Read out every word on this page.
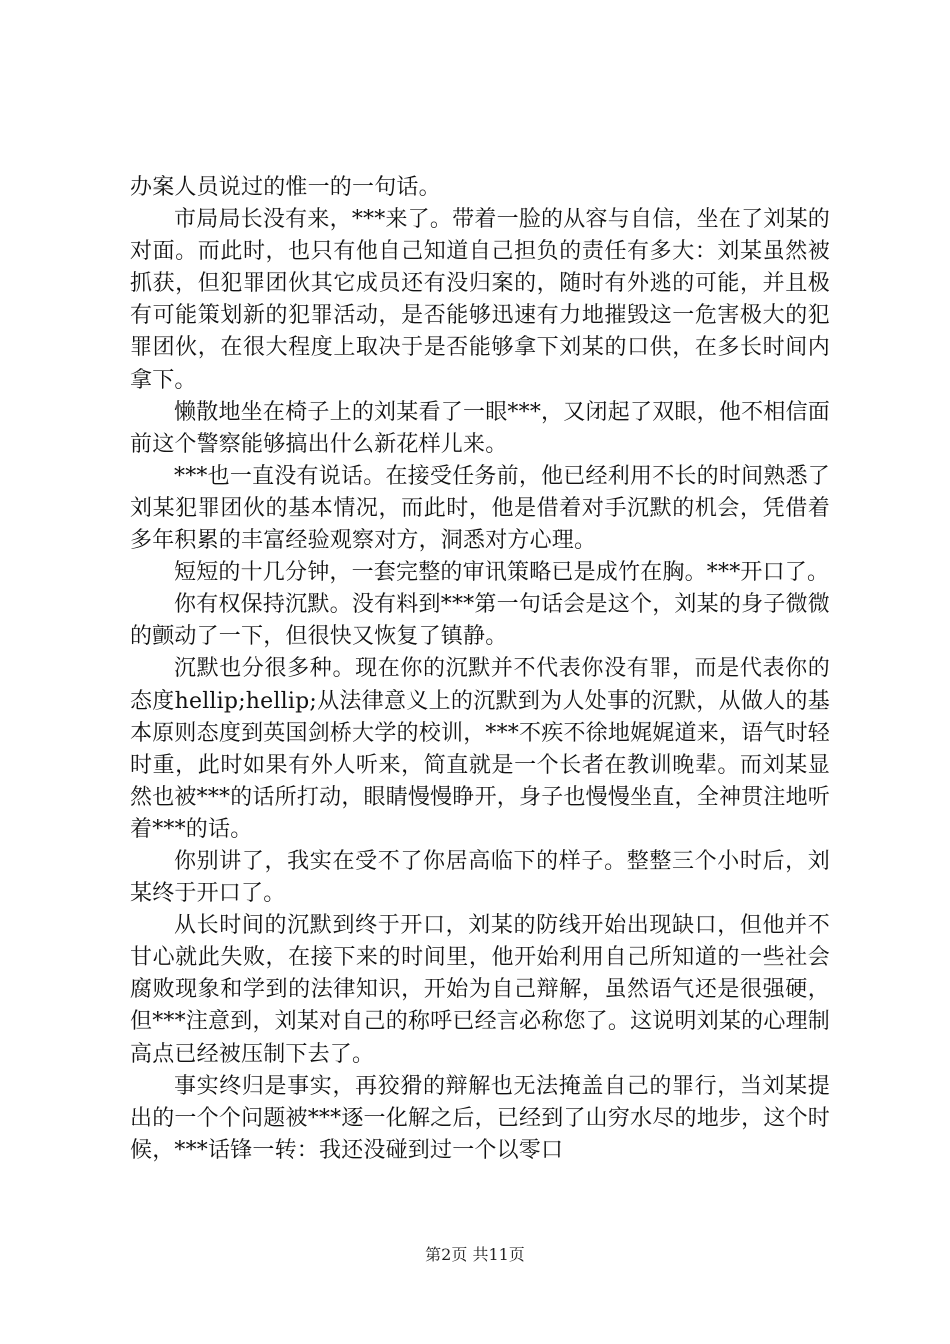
办案人员说过的惟一的一句话。

市局局长没有来，***来了。带着一脸的从容与自信，坐在了刘某的对面。而此时，也只有他自己知道自己担负的责任有多大：刘某虽然被抓获，但犯罪团伙其它成员还有没归案的，随时有外逃的可能，并且极有可能策划新的犯罪活动，是否能够迅速有力地摧毁这一危害极大的犯罪团伙，在很大程度上取决于是否能够拿下刘某的口供，在多长时间内拿下。

懒散地坐在椅子上的刘某看了一眼***，又闭起了双眼，他不相信面前这个警察能够搞出什么新花样儿来。

***也一直没有说话。在接受任务前，他已经利用不长的时间熟悉了刘某犯罪团伙的基本情况，而此时，他是借着对手沉默的机会，凭借着多年积累的丰富经验观察对方，洞悉对方心理。

短短的十几分钟，一套完整的审讯策略已是成竹在胸。***开口了。

你有权保持沉默。没有料到***第一句话会是这个，刘某的身子微微的颤动了一下，但很快又恢复了镇静。

沉默也分很多种。现在你的沉默并不代表你没有罪，而是代表你的态度hellip;hellip;从法律意义上的沉默到为人处事的沉默，从做人的基本原则态度到英国剑桥大学的校训，***不疾不徐地娓娓道来，语气时轻时重，此时如果有外人听来，简直就是一个长者在教训晚辈。而刘某显然也被***的话所打动，眼睛慢慢睁开，身子也慢慢坐直，全神贯注地听着***的话。

你别讲了，我实在受不了你居高临下的样子。整整三个小时后，刘某终于开口了。

从长时间的沉默到终于开口，刘某的防线开始出现缺口，但他并不甘心就此失败，在接下来的时间里，他开始利用自己所知道的一些社会腐败现象和学到的法律知识，开始为自己辩解，虽然语气还是很强硬，但***注意到，刘某对自己的称呼已经言必称您了。这说明刘某的心理制高点已经被压制下去了。

事实终归是事实，再狡猾的辩解也无法掩盖自己的罪行，当刘某提出的一个个问题被***逐一化解之后，已经到了山穷水尽的地步，这个时候，***话锋一转：我还没碰到过一个以零口

第2页 共11页
